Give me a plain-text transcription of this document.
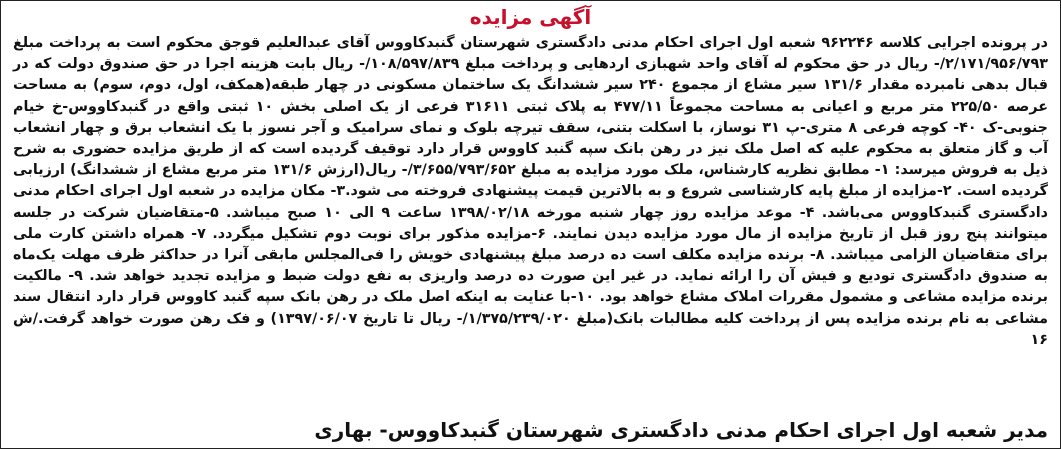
آگهی مزایده

در پرونده اجرایی کلاسه ۹۶۲۲۴۶ شعبه اول اجرای احکام مدنی دادگستری شهرستان گنبدکاووس آقای عبدالعلیم قوجق محکوم است به پرداخت مبلغ ۲/۱۷۱/۹۵۶/۷۹۳/- ریال در حق محکوم له آقای واحد شهبازی اردهایی و پرداخت مبلغ ۱۰۸/۵۹۷/۸۳۹/- ریال بابت هزینه اجرا در حق صندوق دولت که در قبال بدهی نامبرده مقدار ۱۳۱/۶ سیر مشاع از مجموع ۲۴۰ سیر ششدانگ یک ساختمان مسکونی در چهار طبقه(همکف، اول، دوم، سوم) به مساحت عرصه ۲۲۵/۵۰ متر مربع و اعیانی به مساحت مجموعاً ۴۷۷/۱۱ به پلاک ثبتی ۳۱۶۱۱ فرعی از یک اصلی بخش ۱۰ ثبتی واقع در گنبدکاووس-خ خیام جنوبی-ک ۴۰- کوچه فرعی ۸ متری-پ ۳۱ نوساز، با اسکلت بتنی، سقف تیرچه بلوک و نمای سرامیک و آجر نسوز با یک انشعاب برق و چهار انشعاب آب و گاز متعلق به محکوم علیه که اصل ملک نیز در رهن بانک سپه گنبد کاووس قرار دارد توقیف گردیده است که از طریق مزایده حضوری به شرح ذیل به فروش میرسد: ۱- مطابق نظریه کارشناس، ملک مورد مزایده به مبلغ ۳/۶۵۵/۷۹۳/۶۵۲/- ریال(ارزش ۱۳۱/۶ متر مربع مشاع از ششدانگ) ارزیابی گردیده است. ۲-مزایده از مبلغ پایه کارشناسی شروع و به بالاترین قیمت پیشنهادی فروخته می شود.۳- مکان مزایده در شعبه اول اجرای احکام مدنی دادگستری گنبدکاووس می‌باشد. ۴- موعد مزایده روز چهار شنبه مورخه ۱۳۹۸/۰۲/۱۸ ساعت ۹ الی ۱۰ صبح میباشد. ۵-متقاضیان شرکت در جلسه میتوانند پنج روز قبل از تاریخ مزایده از مال مورد مزایده دیدن نمایند. ۶-مزایده مذکور برای نوبت دوم تشکیل میگردد. ۷- همراه داشتن کارت ملی برای متقاضیان الزامی میباشد. ۸- برنده مزایده مکلف است ده درصد مبلغ پیشنهادی خویش را فی‌المجلس مابقی آنرا در حداکثر ظرف مهلت یک‌ماه به صندوق دادگستری تودیع و فیش آن را ارائه نماید. در غیر این صورت ده درصد واریزی به نفع دولت ضبط و مزایده تجدید خواهد شد. ۹- مالکیت برنده مزایده مشاعی و مشمول مقررات املاک مشاع خواهد بود. ۱۰-با عنایت به اینکه اصل ملک در رهن بانک سپه گنبد کاووس قرار دارد انتقال سند مشاعی به نام برنده مزایده پس از پرداخت کلیه مطالبات بانک(مبلغ ۱/۳۷۵/۲۳۹/۰۲۰/- ریال تا تاریخ ۱۳۹۷/۰۶/۰۷) و فک رهن صورت خواهد گرفت./ش ۱۶

مدیر شعبه اول اجرای احکام مدنی دادگستری شهرستان گنبدکاووس- بهاری
